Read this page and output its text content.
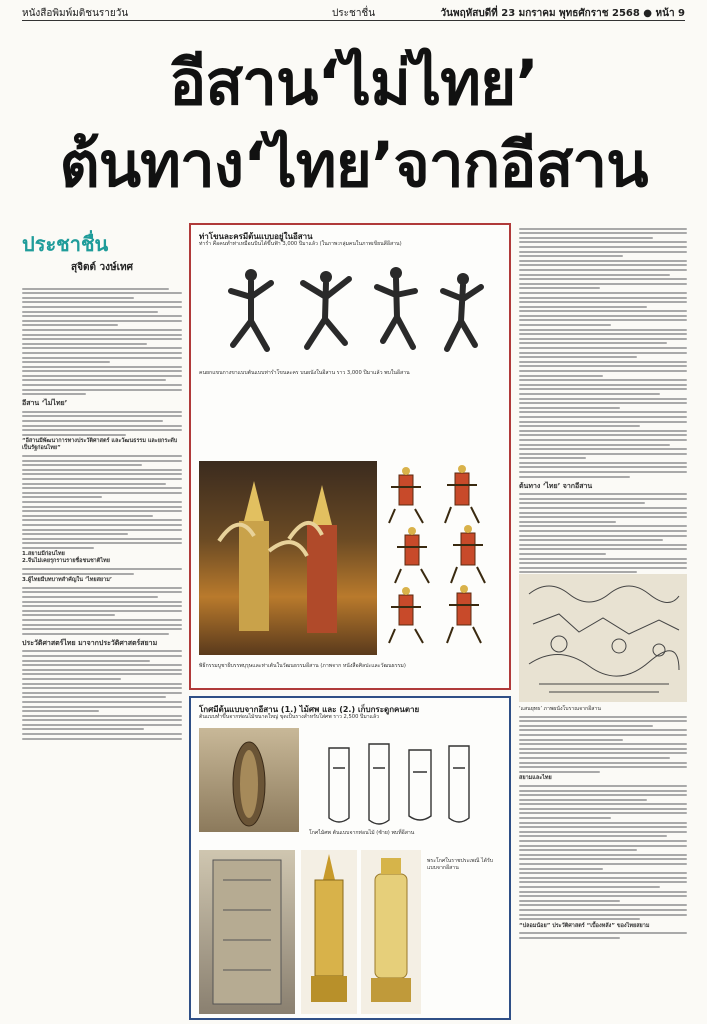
หนังสือพิมพ์มติชนรายวัน	ประชาชื่น	วันพฤหัสบดีที่ 23 มกราคม พุทธศักราช 2568 ● หน้า 9
อีสาน‘ไม่ไทย’
ต้นทาง‘ไทย’จากอีสาน
ประชาชื่น
สุจิตต์ วงษ์เทศ
อีสาน ‘ไม่ไทย’
“อีสานมีพัฒนาการทางประวัติศาสตร์ และวัฒนธรรม และยกระดับเป็นรัฐก่อนไทย”
1.สยามมีก่อนไทย
2.จีนไม่เคยรุกรานรายชื่อชนชาติไทย
3.ผู้ไทยมีบทบาทสำคัญใน ‘ไทยสยาม’
ประวัติศาสตร์ไทย มาจากประวัติศาสตร์สยาม
ท่าโขนละครมีต้นแบบอยู่ในอีสาน
ท่ารำ คือคนทำท่าเหมือนบินได้ขึ้นฟ้า 3,000 ปีมาแล้ว (ในภาพ:กลุ่มคนในภาพเขียนสีอีสาน)
คนยกแขนกางขาแบบต้นแบบท่ารำโขนละคร บนผนังในอีสาน ราว 3,000 ปีมาแล้ว พบในอีสาน
พิธีกรรมบูชาผีบรรพบุรุษและท่าเต้นในวัฒนธรรมอีสาน (ภาพจาก หนังสือศิลปะและวัฒนธรรม)
โกศมีต้นแบบจากอีสาน (1.) ไม้ศพ และ (2.) เก็บกระดูกคนตาย
ต้นแบบทำขึ้นจากท่อนไม้ขนาดใหญ่ ขุดเป็นรางสำหรับใส่ศพ ราว 2,500 ปีมาแล้ว
โกศไม้ศพ ต้นแบบจากท่อนไม้ (ซ้าย) พบที่อีสาน
พระโกศในราชประเพณี ได้รับแบบจากอีสาน
ต้นทาง ‘ไทย’ จากอีสาน
‘แสนยุทธ’ ภาพผนังโบราณจากอีสาน
สยามและไทย
“ปลอมน้อย” ประวัติศาสตร์ “เบื้องหลัง” ของไทยสยาม
